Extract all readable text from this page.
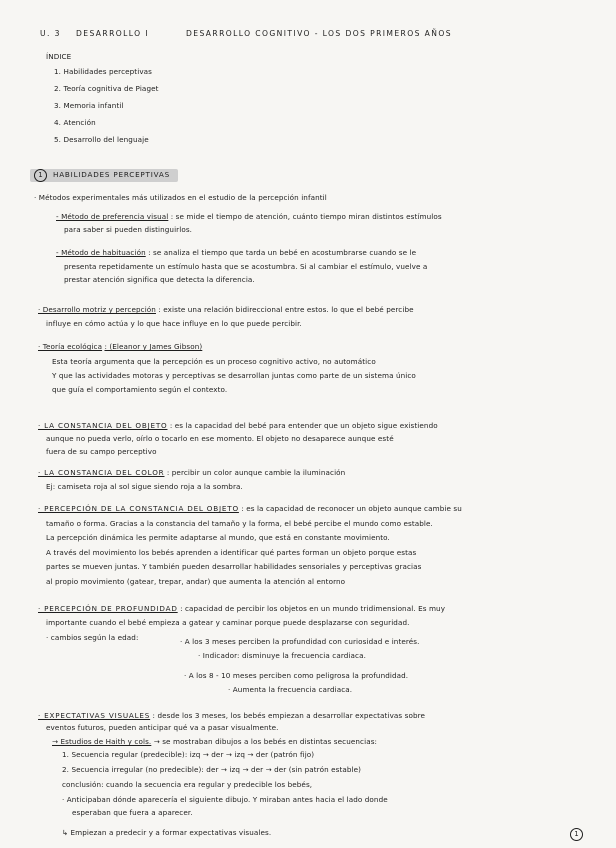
U. 3 DESARROLLO I	DESARROLLO COGNITIVO - LOS DOS PRIMEROS AÑOS
ÍNDICE
1. Habilidades perceptivas
2. Teoría cognitiva de Piaget
3. Memoria infantil
4. Atención
5. Desarrollo del lenguaje
1	HABILIDADES PERCEPTIVAS
· Métodos experimentales más utilizados en el estudio de la percepción infantil
- Método de preferencia visual : se mide el tiempo de atención, cuánto tiempo miran distintos estímulos
para saber si pueden distinguirlos.
- Método de habituación : se analiza el tiempo que tarda un bebé en acostumbrarse cuando se le
presenta repetidamente un estímulo hasta que se acostumbra. Si al cambiar el estímulo, vuelve a
prestar atención significa que detecta la diferencia.
· Desarrollo motriz y percepción : existe una relación bidireccional entre estos. lo que el bebé percibe
influye en cómo actúa y lo que hace influye en lo que puede percibir.
· Teoría ecológica : (Eleanor y James Gibson)
Esta teoría argumenta que la percepción es un proceso cognitivo activo, no automático
Y que las actividades motoras y perceptivas se desarrollan juntas como parte de un sistema único
que guía el comportamiento según el contexto.
· LA CONSTANCIA DEL OBJETO : es la capacidad del bebé para entender que un objeto sigue existiendo
aunque no pueda verlo, oírlo o tocarlo en ese momento. El objeto no desaparece aunque esté
fuera de su campo perceptivo
· LA CONSTANCIA DEL COLOR : percibir un color aunque cambie la iluminación
Ej: camiseta roja al sol sigue siendo roja a la sombra.
· PERCEPCIÓN DE LA CONSTANCIA DEL OBJETO : es la capacidad de reconocer un objeto aunque cambie su
tamaño o forma. Gracias a la constancia del tamaño y la forma, el bebé percibe el mundo como estable.
La percepción dinámica les permite adaptarse al mundo, que está en constante movimiento.
A través del movimiento los bebés aprenden a identificar qué partes forman un objeto porque estas
partes se mueven juntas. Y también pueden desarrollar habilidades sensoriales y perceptivas gracias
al propio movimiento (gatear, trepar, andar) que aumenta la atención al entorno
· PERCEPCIÓN DE PROFUNDIDAD : capacidad de percibir los objetos en un mundo tridimensional. Es muy
importante cuando el bebé empieza a gatear y caminar porque puede desplazarse con seguridad.
· cambios según la edad:	· A los 3 meses perciben la profundidad con curiosidad e interés.
· Indicador: disminuye la frecuencia cardiaca.
· A los 8 - 10 meses perciben como peligrosa la profundidad.
· Aumenta la frecuencia cardiaca.
· EXPECTATIVAS VISUALES : desde los 3 meses, los bebés empiezan a desarrollar expectativas sobre
eventos futuros, pueden anticipar qué va a pasar visualmente.
→ Estudios de Haith y cols. → se mostraban dibujos a los bebés en distintas secuencias:
1. Secuencia regular (predecible): izq → der → izq → der (patrón fijo)
2. Secuencia irregular (no predecible): der → izq → der → der (sin patrón estable)
conclusión: cuando la secuencia era regular y predecible los bebés,
· Anticipaban dónde aparecería el siguiente dibujo. Y miraban antes hacia el lado donde
esperaban que fuera a aparecer.
↳ Empiezan a predecir y a formar expectativas visuales.	1
